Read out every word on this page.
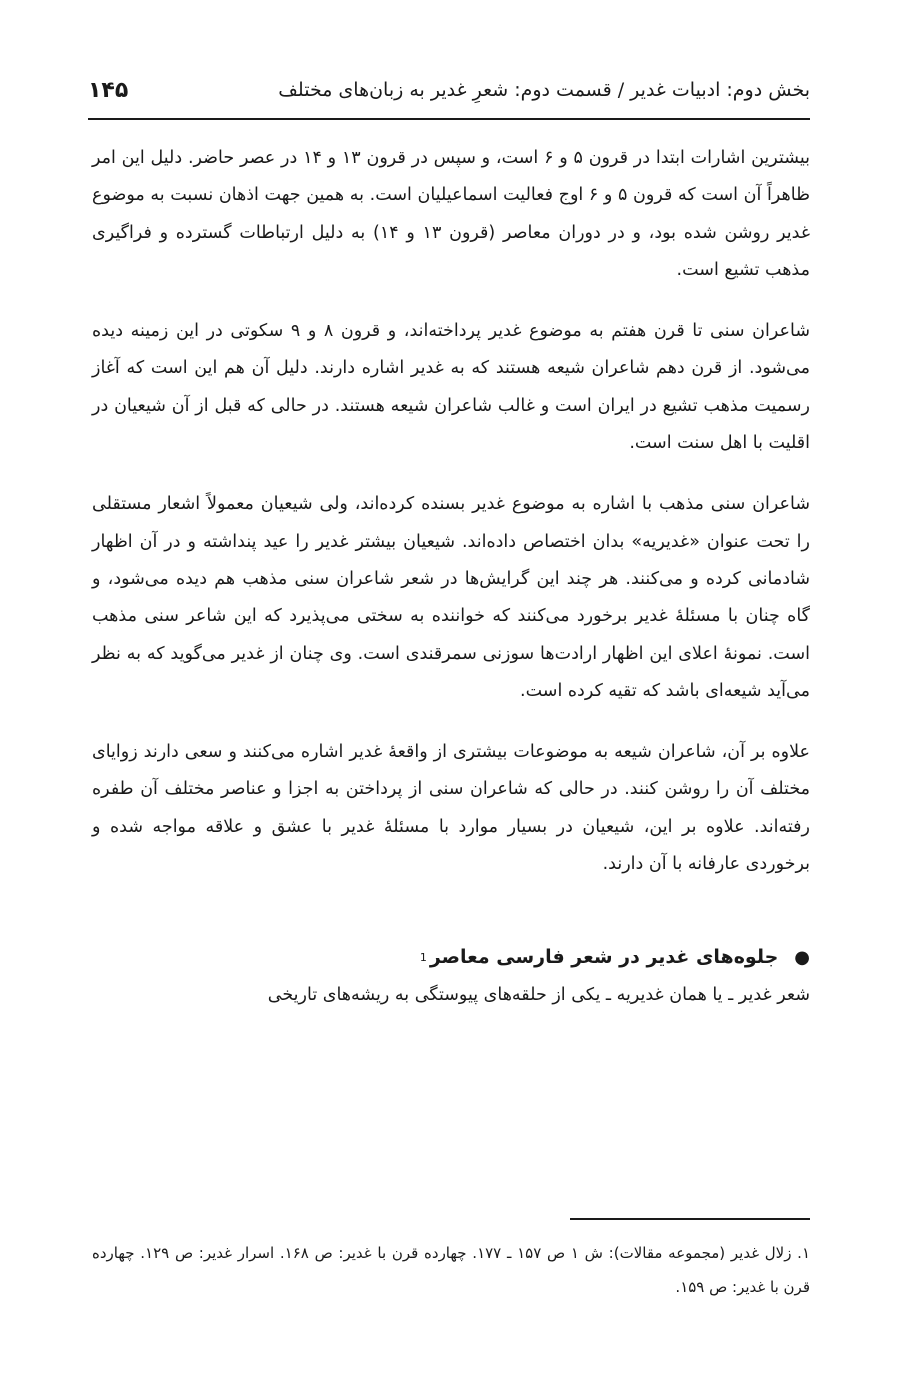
بخش دوم: ادبیات غدیر / قسمت دوم: شعرِ غدیر به زبان‌های مختلف
۱۴۵

بیشترین اشارات ابتدا در قرون ۵ و ۶ است، و سپس در قرون ۱۳ و ۱۴ در عصر حاضر. دلیل این امر ظاهراً آن است که قرون ۵ و ۶ اوج فعالیت اسماعیلیان است. به همین جهت اذهان نسبت به موضوع غدیر روشن شده بود، و در دوران معاصر (قرون ۱۳ و ۱۴) به دلیل ارتباطات گسترده و فراگیری مذهب تشیع است.

شاعران سنی تا قرن هفتم به موضوع غدیر پرداخته‌اند، و قرون ۸ و ۹ سکوتی در این زمینه دیده می‌شود. از قرن دهم شاعران شیعه هستند که به غدیر اشاره دارند. دلیل آن هم این است که آغاز رسمیت مذهب تشیع در ایران است و غالب شاعران شیعه هستند. در حالی که قبل از آن شیعیان در اقلیت با اهل سنت است.

شاعران سنی مذهب با اشاره به موضوع غدیر بسنده کرده‌اند، ولی شیعیان معمولاً اشعار مستقلی را تحت عنوان «غدیریه» بدان اختصاص داده‌اند. شیعیان بیشتر غدیر را عید پنداشته و در آن اظهار شادمانی کرده و می‌کنند. هر چند این گرایش‌ها در شعر شاعران سنی مذهب هم دیده می‌شود، و گاه چنان با مسئلهٔ غدیر برخورد می‌کنند که خواننده به سختی می‌پذیرد که این شاعر سنی مذهب است. نمونهٔ اعلای این اظهار ارادت‌ها سوزنی سمرقندی است. وی چنان از غدیر می‌گوید که به نظر می‌آید شیعه‌ای باشد که تقیه کرده است.

علاوه بر آن، شاعران شیعه به موضوعات بیشتری از واقعهٔ غدیر اشاره می‌کنند و سعی دارند زوایای مختلف آن را روشن کنند. در حالی که شاعران سنی از پرداختن به اجزا و عناصر مختلف آن طفره رفته‌اند. علاوه بر این، شیعیان در بسیار موارد با مسئلهٔ غدیر با عشق و علاقه مواجه شده و برخوردی عارفانه با آن دارند.

●
جلوه‌های غدیر در شعر فارسی معاصر
1

شعر غدیر ـ یا همان غدیریه ـ یکی از حلقه‌های پیوستگی به ریشه‌های تاریخی

۱. زلال غدیر (مجموعه مقالات): ش ۱ ص ۱۵۷ ـ ۱۷۷. چهارده قرن با غدیر: ص ۱۶۸. اسرار غدیر: ص ۱۲۹. چهارده قرن با غدیر: ص ۱۵۹.
